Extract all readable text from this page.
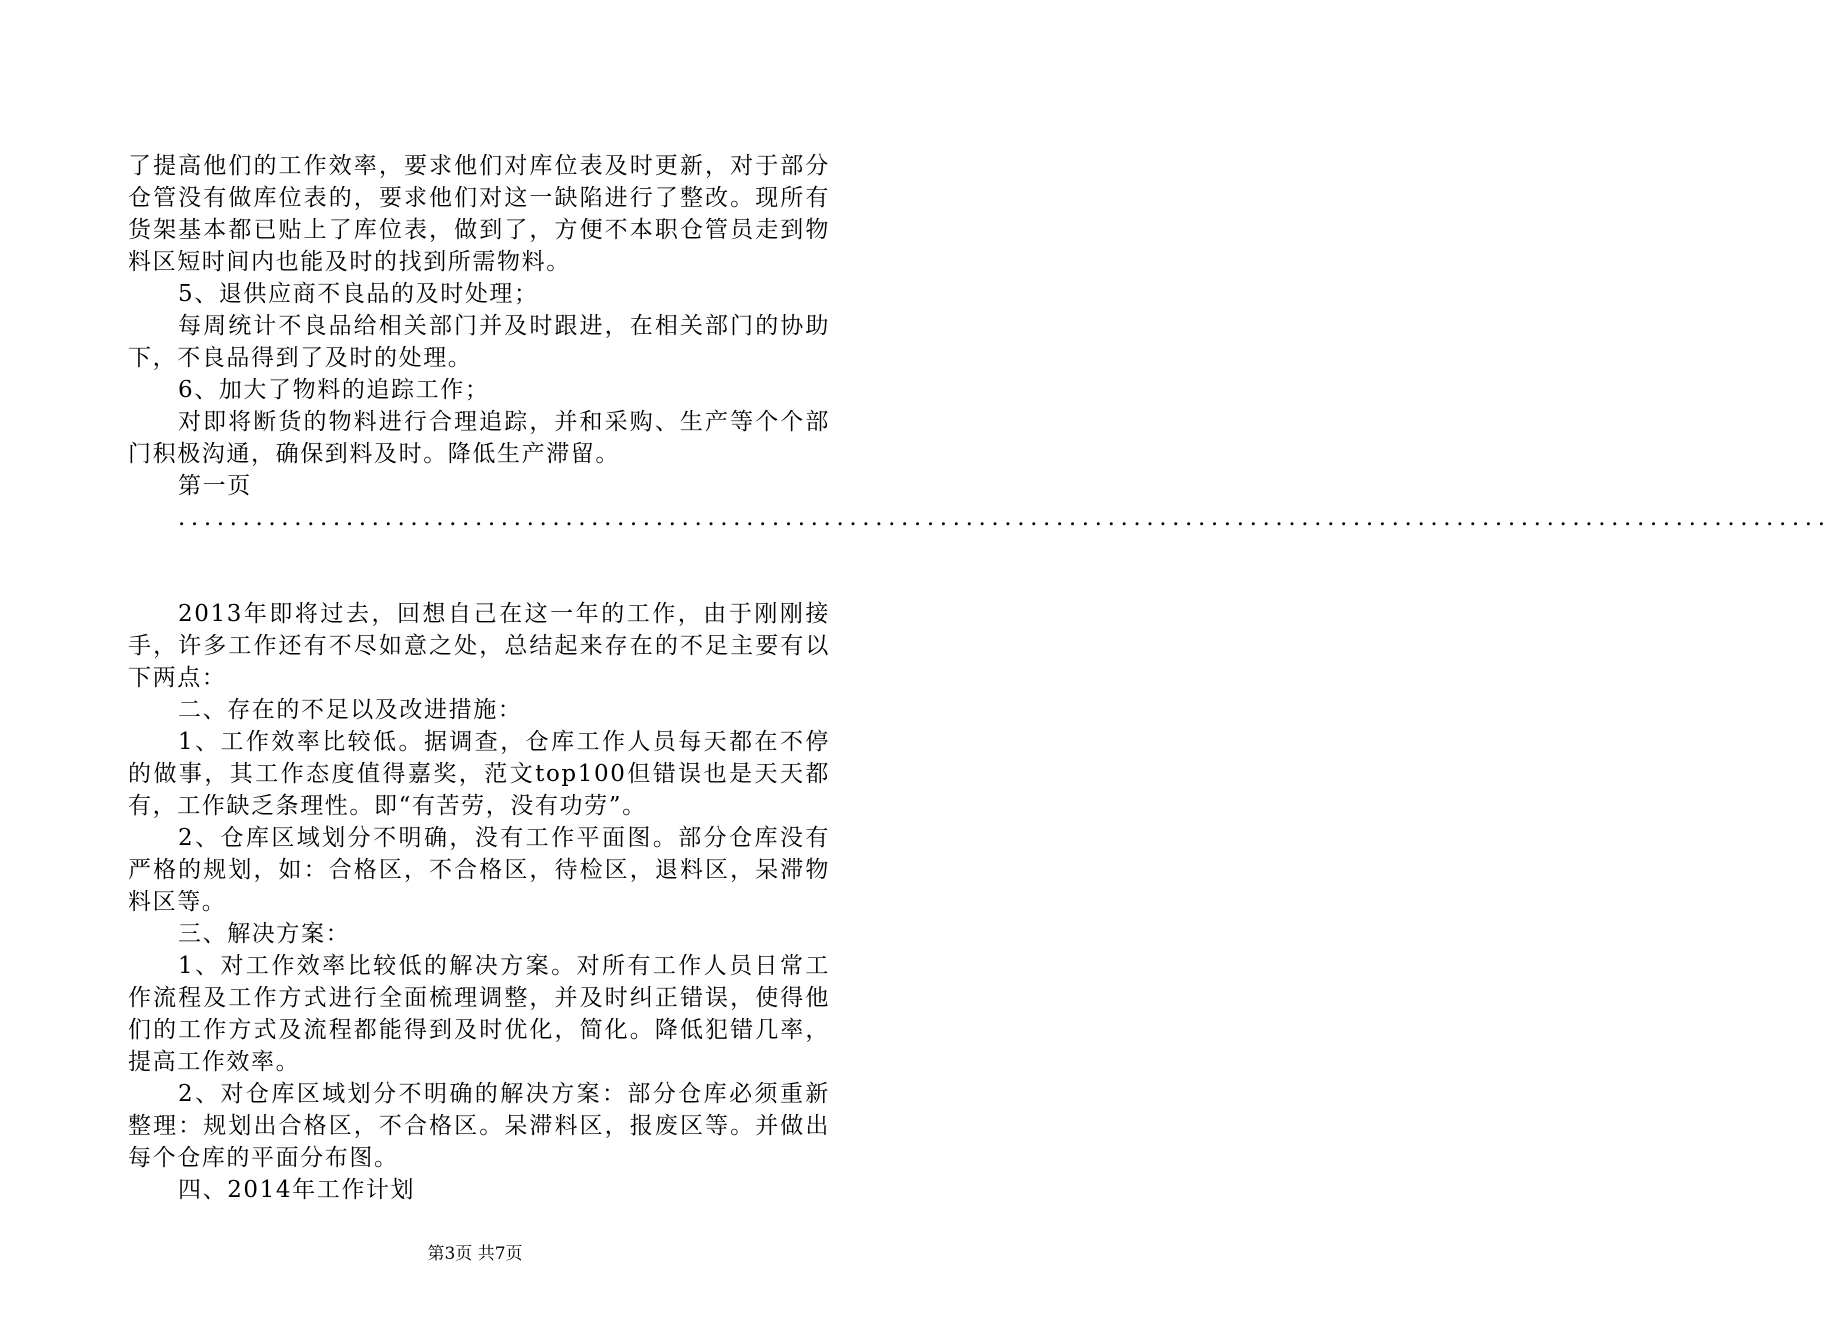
了提高他们的工作效率，要求他们对库位表及时更新，对于部分仓管没有做库位表的，要求他们对这一缺陷进行了整改。现所有货架基本都已贴上了库位表，做到了，方便不本职仓管员走到物料区短时间内也能及时的找到所需物料。

5、退供应商不良品的及时处理；

每周统计不良品给相关部门并及时跟进，在相关部门的协助下，不良品得到了及时的处理。

6、加大了物料的追踪工作；

对即将断货的物料进行合理追踪，并和采购、生产等个个部门积极沟通，确保到料及时。降低生产滞留。

第一页

................................................................................................................................

2013年即将过去，回想自己在这一年的工作，由于刚刚接手，许多工作还有不尽如意之处，总结起来存在的不足主要有以下两点：

二、存在的不足以及改进措施：

1、工作效率比较低。据调查，仓库工作人员每天都在不停的做事，其工作态度值得嘉奖，范文top100但错误也是天天都有，工作缺乏条理性。即“有苦劳，没有功劳”。

2、仓库区域划分不明确，没有工作平面图。部分仓库没有严格的规划，如：合格区，不合格区，待检区，退料区，呆滞物料区等。

三、解决方案：

1、对工作效率比较低的解决方案。对所有工作人员日常工作流程及工作方式进行全面梳理调整，并及时纠正错误，使得他们的工作方式及流程都能得到及时优化，简化。降低犯错几率，提高工作效率。

2、对仓库区域划分不明确的解决方案：部分仓库必须重新整理：规划出合格区，不合格区。呆滞料区，报废区等。并做出每个仓库的平面分布图。

四、2014年工作计划

第3页 共7页
